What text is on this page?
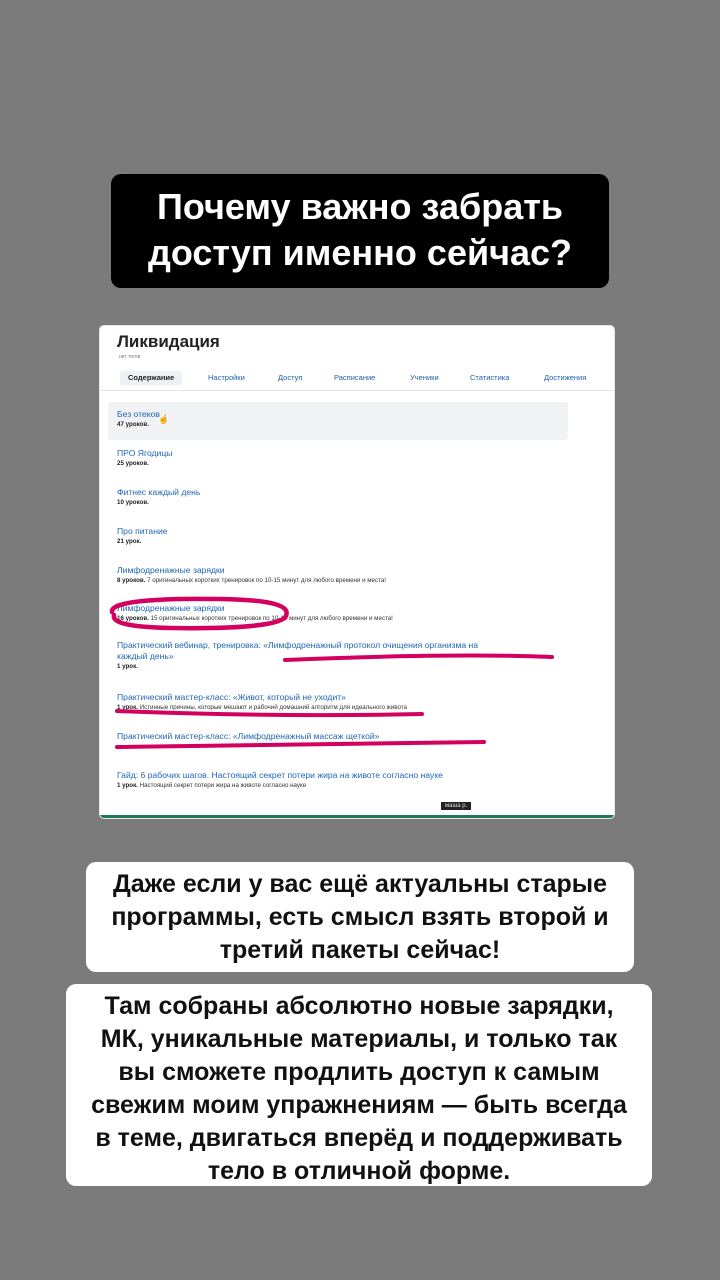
Почему важно забрать
доступ именно сейчас?
Ликвидация
нет тегов
Содержание	Настройки	Доступ	Расписание	Ученики	Статистика	Достижения
Без отеков
47 уроков.
☝
ПРО Ягодицы
25 уроков.
Фитнес каждый день
10 уроков.
Про питание
21 урок.
Лимфодренажные зарядки
8 уроков. 7 оригинальных коротких тренировок по 10-15 минут для любого времени и места!
Лимфодренажные зарядки
16 уроков. 15 оригинальных коротких тренировок по 10-15 минут для любого времени и места!
Практический вебинар, тренировка: «Лимфодренажный протокол очищения организма на
каждый день»
1 урок.
Практический мастер-класс: «Живот, который не уходит»
1 урок. Истинные причины, которые мешают и рабочий домашний алгоритм для идеального живота
Практический мастер-класс: «Лимфодренажный массаж щеткой»
Гайд: 6 рабочих шагов. Настоящий секрет потери жира на животе согласно науке
1 урок. Настоящий секрет потери жира на животе согласно науке
маша р.
Даже если у вас ещё актуальны старые
программы, есть смысл взять второй и
третий пакеты сейчас!
Там собраны абсолютно новые зарядки,
МК, уникальные материалы, и только так
вы сможете продлить доступ к самым
свежим моим упражнениям — быть всегда
в теме, двигаться вперёд и поддерживать
тело в отличной форме.
